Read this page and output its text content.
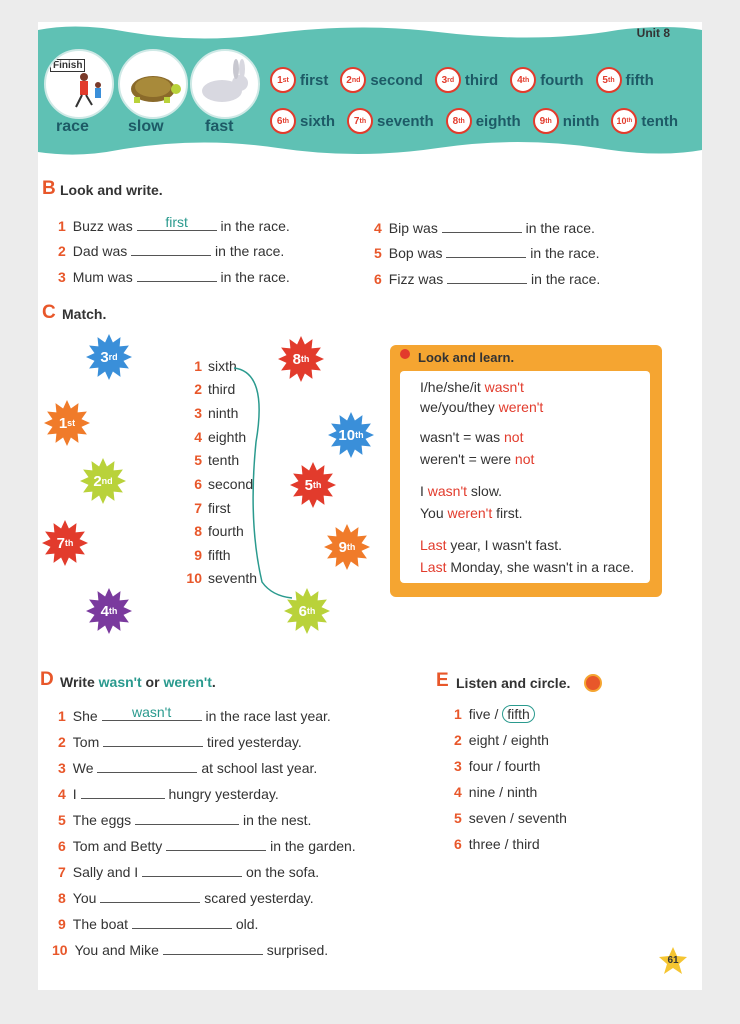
Unit 8
Finish
race slow	fast
1 st first 2 nd second 3 rd third 4 th fourth 5 th fifth
6 th sixth 7 th seventh 8 th eighth 9 th ninth 10 th tenth
B Look and write.
1 Buzz was	first	in the race.
2 Dad was	in the race.
3 Mum was	in the race.
4 Bip was	in the race.
5 Bop was	in the race.
6 Fizz was	in the race.
C Match.
3 rd
1 st
2 nd
7 th
4 th
8 th
10 th
5 th
9 th
6 th
1 sixth
2 third
3 ninth
4 eighth
5 tenth
6 second
7 first
8 fourth
9 fifth
10 seventh
Look and learn.
I/he/she/it wasn't
we/you/they weren't
wasn't = was not
weren't = were not
I wasn't slow.
You weren't first.
Last year, I wasn't fast.
Last Monday, she wasn't in a race.
D Write wasn't or weren't.
1 She	wasn't	in the race last year.
2 Tom	tired yesterday.
3 We	at school last year.
4 I	hungry yesterday.
5 The eggs	in the nest.
6 Tom and Betty	in the garden.
7 Sally and I	on the sofa.
8 You	scared yesterday.
9 The boat	old.
10 You and Mike	surprised.
E Listen and circle.
1 five / fifth
2 eight / eighth
3 four / fourth
4 nine / ninth
5 seven / seventh
6 three / third
61
